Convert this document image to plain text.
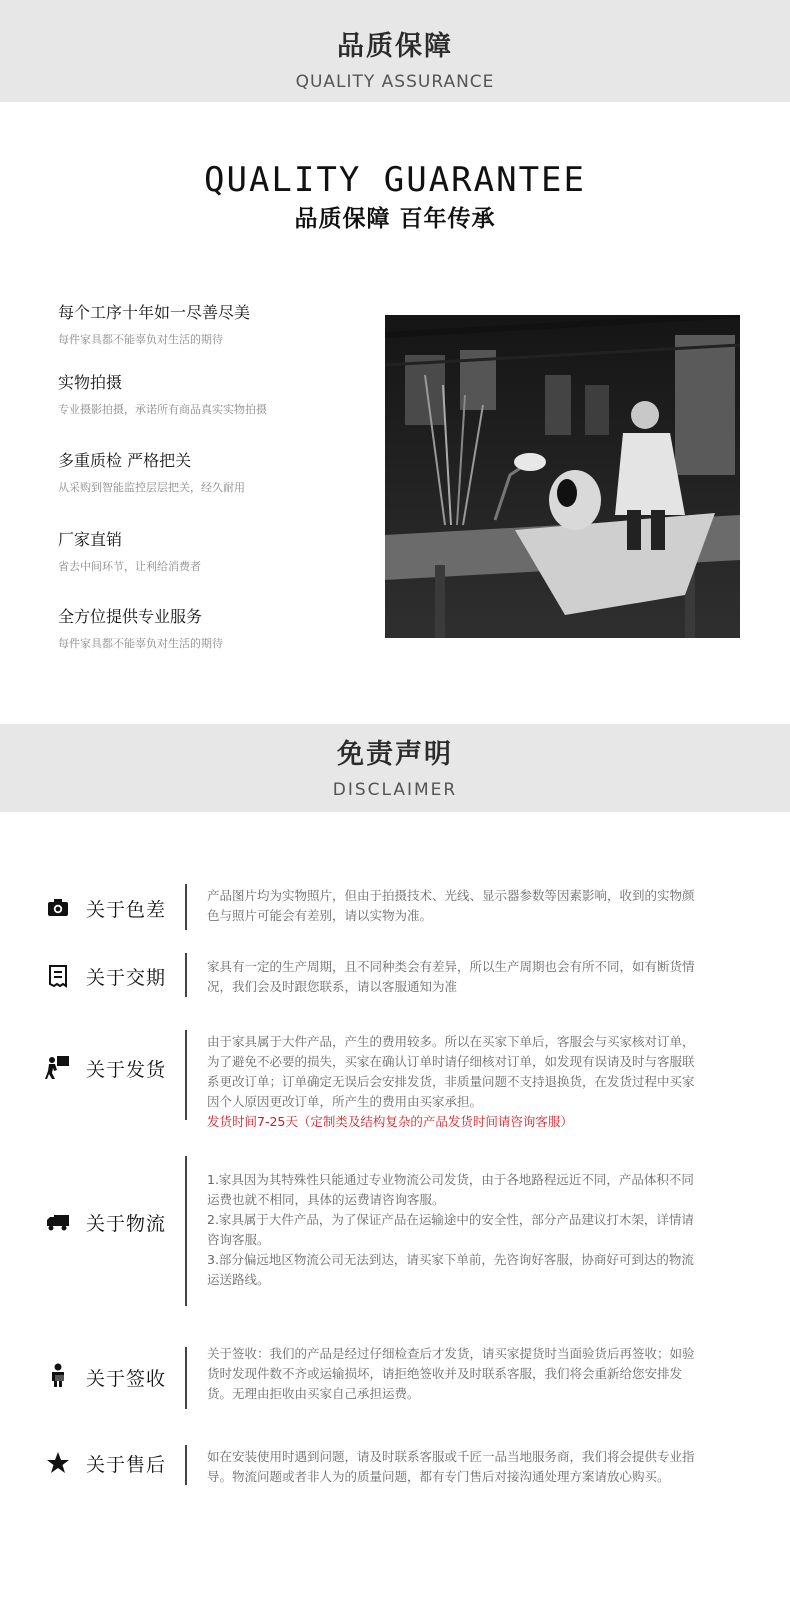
品质保障
QUALITY ASSURANCE
QUALITY GUARANTEE
品质保障 百年传承
每个工序十年如一尽善尽美
每件家具都不能辜负对生活的期待
实物拍摄
专业摄影拍摄，承诺所有商品真实实物拍摄
多重质检 严格把关
从采购到智能监控层层把关，经久耐用
厂家直销
省去中间环节，让利给消费者
全方位提供专业服务
每件家具都不能辜负对生活的期待
免责声明
DISCLAIMER
关于色差

产品图片均为实物照片，但由于拍摄技术、光线、显示器参数等因素影响，收到的实物颜色与照片可能会有差别，请以实物为准。

关于交期

家具有一定的生产周期，且不同种类会有差异，所以生产周期也会有所不同，如有断货情况，我们会及时跟您联系，请以客服通知为准

关于发货

由于家具属于大件产品，产生的费用较多。所以在买家下单后，客服会与买家核对订单，为了避免不必要的损失，买家在确认订单时请仔细核对订单，如发现有误请及时与客服联系更改订单；订单确定无误后会安排发货，非质量问题不支持退换货，在发货过程中买家因个人原因更改订单，所产生的费用由买家承担。

发货时间7-25天（定制类及结构复杂的产品发货时间请咨询客服）

关于物流

1.家具因为其特殊性只能通过专业物流公司发货，由于各地路程远近不同，产品体积不同运费也就不相同，具体的运费请咨询客服。

2.家具属于大件产品，为了保证产品在运输途中的安全性，部分产品建议打木架，详情请咨询客服。

3.部分偏远地区物流公司无法到达，请买家下单前，先咨询好客服，协商好可到达的物流运送路线。

关于签收

关于签收：我们的产品是经过仔细检查后才发货，请买家提货时当面验货后再签收；如验货时发现件数不齐或运输损坏，请拒绝签收并及时联系客服，我们将会重新给您安排发货。无理由拒收由买家自己承担运费。

关于售后	如在安装使用时遇到问题，请及时联系客服或千匠一品当地服务商，我们将会提供专业指导。物流问题或者非人为的质量问题，都有专门售后对接沟通处理方案请放心购买。
